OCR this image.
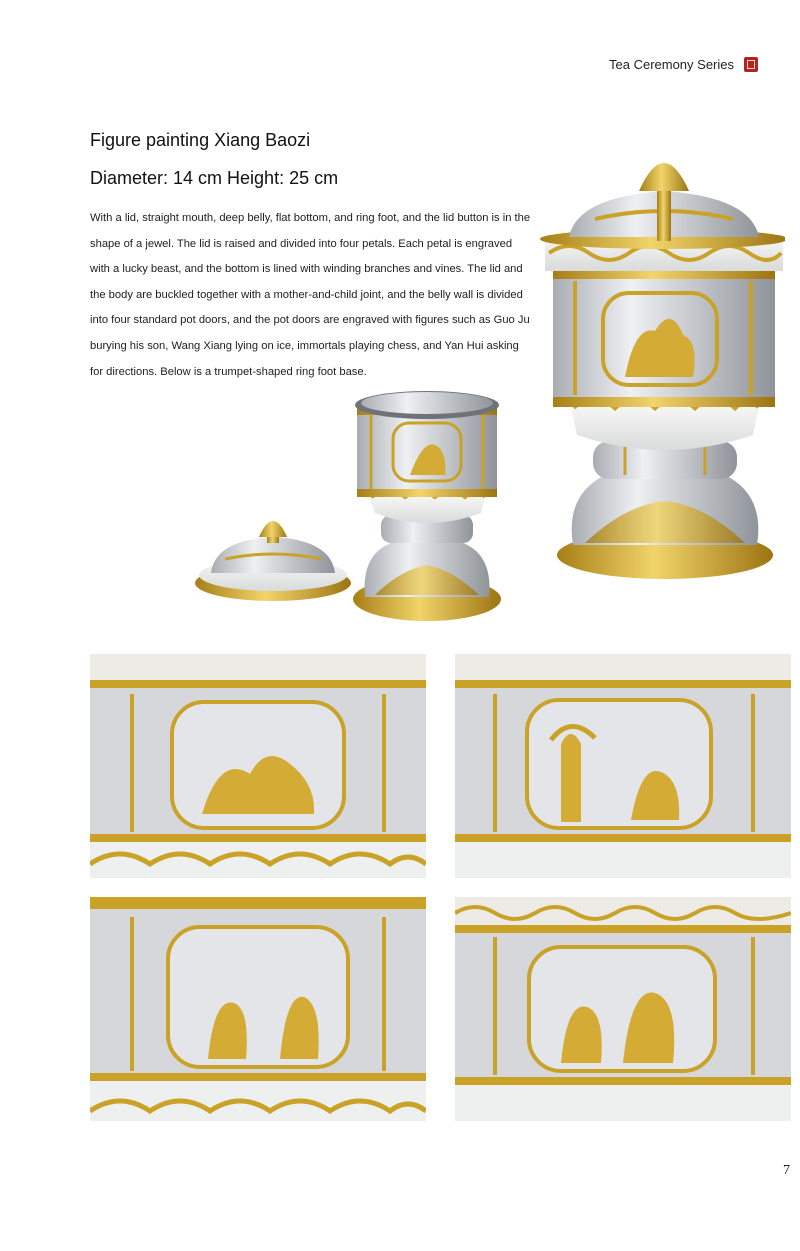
Tea Ceremony Series
Figure painting Xiang Baozi
Diameter: 14 cm Height: 25 cm

With a lid, straight mouth, deep belly, flat bottom, and ring foot, and the lid button is in the shape of a jewel. The lid is raised and divided into four petals. Each petal is engraved with a lucky beast, and the bottom is lined with winding branches and vines. The lid and the body are buckled together with a mother-and-child joint, and the belly wall is divided into four standard pot doors, and the pot doors are engraved with figures such as Guo Ju burying his son, Wang Xiang lying on ice, immortals playing chess, and Yan Hui asking for directions. Below is a trumpet-shaped ring foot base.

7
